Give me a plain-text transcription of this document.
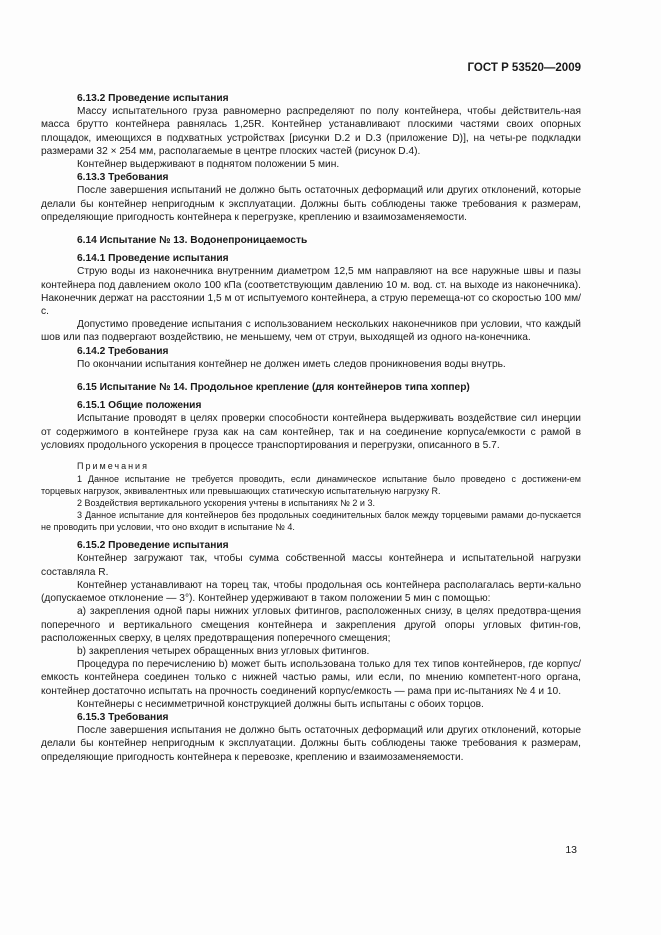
ГОСТ Р 53520—2009

6.13.2 Проведение испытания

Массу испытательного груза равномерно распределяют по полу контейнера, чтобы действитель-ная масса брутто контейнера равнялась 1,25R. Контейнер устанавливают плоскими частями своих опорных площадок, имеющихся в подхватных устройствах [рисунки D.2 и D.3 (приложение D)], на четы-ре подкладки размерами 32 × 254 мм, располагаемые в центре плоских частей (рисунок D.4).

Контейнер выдерживают в поднятом положении 5 мин.

6.13.3 Требования

После завершения испытаний не должно быть остаточных деформаций или других отклонений, которые делали бы контейнер непригодным к эксплуатации. Должны быть соблюдены также требования к размерам, определяющие пригодность контейнера к перегрузке, креплению и взаимозаменяемости.

6.14 Испытание № 13. Водонепроницаемость

6.14.1 Проведение испытания

Струю воды из наконечника внутренним диаметром 12,5 мм направляют на все наружные швы и пазы контейнера под давлением около 100 кПа (соответствующим давлению 10 м. вод. ст. на выходе из наконечника). Наконечник держат на расстоянии 1,5 м от испытуемого контейнера, а струю перемеща-ют со скоростью 100 мм/с.

Допустимо проведение испытания с использованием нескольких наконечников при условии, что каждый шов или паз подвергают воздействию, не меньшему, чем от струи, выходящей из одного на-конечника.

6.14.2 Требования

По окончании испытания контейнер не должен иметь следов проникновения воды внутрь.

6.15 Испытание № 14. Продольное крепление (для контейнеров типа хоппер)

6.15.1 Общие положения

Испытание проводят в целях проверки способности контейнера выдерживать воздействие сил инерции от содержимого в контейнере груза как на сам контейнер, так и на соединение корпуса/емкости с рамой в условиях продольного ускорения в процессе транспортирования и перегрузки, описанного в 5.7.

Примечания

1 Данное испытание не требуется проводить, если динамическое испытание было проведено с достижени-ем торцевых нагрузок, эквивалентных или превышающих статическую испытательную нагрузку R.

2 Воздействия вертикального ускорения учтены в испытаниях № 2 и 3.

3 Данное испытание для контейнеров без продольных соединительных балок между торцевыми рамами до-пускается не проводить при условии, что оно входит в испытание № 4.

6.15.2 Проведение испытания

Контейнер загружают так, чтобы сумма собственной массы контейнера и испытательной нагрузки составляла R.

Контейнер устанавливают на торец так, чтобы продольная ось контейнера располагалась верти-кально (допускаемое отклонение — 3°). Контейнер удерживают в таком положении 5 мин с помощью:

а) закрепления одной пары нижних угловых фитингов, расположенных снизу, в целях предотвра-щения поперечного и вертикального смещения контейнера и закрепления другой опоры угловых фитин-гов, расположенных сверху, в целях предотвращения поперечного смещения;

b) закрепления четырех обращенных вниз угловых фитингов.

Процедура по перечислению b) может быть использована только для тех типов контейнеров, где корпус/емкость контейнера соединен только с нижней частью рамы, или если, по мнению компетент-ного органа, контейнер достаточно испытать на прочность соединений корпус/емкость — рама при ис-пытаниях № 4 и 10.

Контейнеры с несимметричной конструкцией должны быть испытаны с обоих торцов.

6.15.3 Требования

После завершения испытания не должно быть остаточных деформаций или других отклонений, которые делали бы контейнер непригодным к эксплуатации. Должны быть соблюдены также требования к размерам, определяющие пригодность контейнера к перевозке, креплению и взаимозаменяемости.

13
